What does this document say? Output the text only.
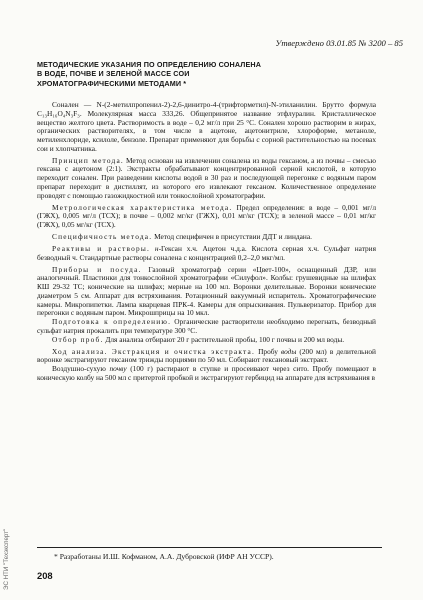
Утверждено 03.01.85 № 3200 – 85
МЕТОДИЧЕСКИЕ УКАЗАНИЯ ПО ОПРЕДЕЛЕНИЮ СОНАЛЕНА
В ВОДЕ, ПОЧВЕ И ЗЕЛЕНОЙ МАССЕ СОИ
ХРОМАТОГРАФИЧЕСКИМИ МЕТОДАМИ *

Соналeн — N-(2-метилпропенил-2)-2,6-динитро-4-(трифторметил)-N-этиланилин. Брутто формула C₁₃H₁₆O₄N₃F₃. Молекулярная масса 333,26. Общепринятое название этфлуралин. Кристаллическое вещество желтого цвета. Растворимость в воде – 0,2 мг/л при 25 °С. Соналeн хорошо растворим в жирах, органических растворителях, в том числе в ацетоне, ацетонитриле, хлороформе, метаноле, метиленхлориде, ксилоле, бензоле. Препарат применяют для борьбы с сорной растительностью на посевах сои и хлопчатника.

Принцип метода. Метод основан на извлечении соналена из воды гексаном, а из почвы – смесью гексана с ацетоном (2:1). Экстракты обрабатывают концентрированной серной кислотой, в которую переходит соналeн. При разведении кислоты водой в 30 раз и последующей перегонке с водяным паром препарат переходит в дистиллят, из которого его извлекают гексаном. Количественное определение проводят с помощью газожидкостной или тонкослойной хроматографии.

Метрологическая характеристика метода. Предел определения: в воде – 0,001 мг/л (ГЖХ), 0,005 мг/л (ТСХ); в почве – 0,002 мг/кг (ГЖХ), 0,01 мг/кг (ТСХ); в зеленой массе – 0,01 мг/кг (ГЖХ), 0,05 мг/кг (ТСХ).

Специфичность метода. Метод специфичен в присутствии ДДТ и линдана.

Реактивы и растворы. н-Гексан х.ч. Ацетон ч.д.а. Кислота серная х.ч. Сульфат натрия безводный ч. Стандартные растворы соналена с концентрацией 0,2–2,0 мкг/мл.

Приборы и посуда. Газовый хроматограф серии «Цвет-100», оснащенный ДЗР, или аналогичный. Пластинки для тонкослойной хроматографии «Силуфол». Колбы: грушевидные на шлифах КШ 29-32 ТС; конические на шлифах; мерные на 100 мл. Воронки делительные. Воронки конические диаметром 5 см. Аппарат для встряхивания. Ротационный вакуумный испаритель. Хроматографические камеры. Микропипетки. Лампа кварцевая ПРК-4. Камеры для опрыскивания. Пульверизатор. Прибор для перегонки с водяным паром. Микрошприцы на 10 мкл.

Подготовка к определению. Органические растворители необходимо перегнать, безводный сульфат натрия прокалить при температуре 300 °С.

Отбор проб. Для анализа отбирают 20 г растительной пробы, 100 г почвы и 200 мл воды.

Ход анализа. Экстракция и очистка экстракта. Пробу воды (200 мл) в делительной воронке экстрагируют гексаном трижды порциями по 50 мл. Собирают гексановый экстракт.

Воздушно-сухую почву (100 г) растирают в ступке и просеивают через сито. Пробу помещают в коническую колбу на 500 мл с притертой пробкой и экстрагируют гербицид на аппарате для встряхивания в

* Разработаны И.Ш. Кофманом, А.А. Дубровской (ИФР АН УССР).
208
ЭС НТИ "Техэксперт"
